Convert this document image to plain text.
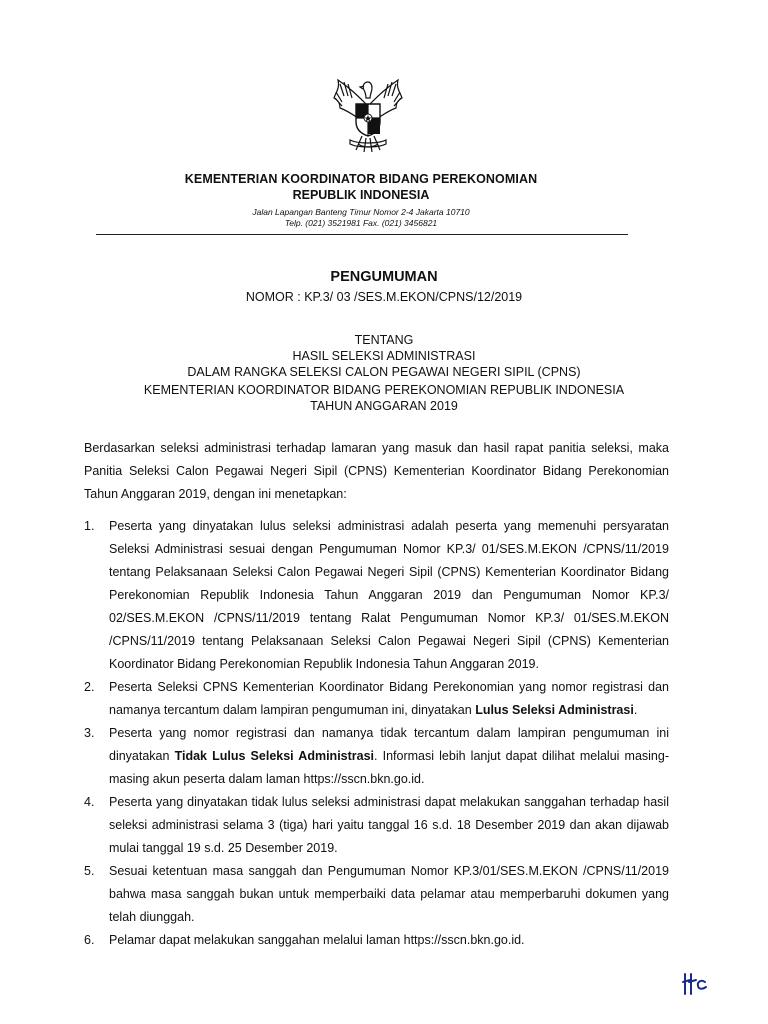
KEMENTERIAN KOORDINATOR BIDANG PEREKONOMIAN
REPUBLIK INDONESIA
Jalan Lapangan Banteng Timur Nomor 2-4 Jakarta 10710
Telp. (021) 3521981 Fax. (021) 3456821
PENGUMUMAN
NOMOR : KP.3/ 03 /SES.M.EKON/CPNS/12/2019
TENTANG
HASIL SELEKSI ADMINISTRASI
DALAM RANGKA SELEKSI CALON PEGAWAI NEGERI SIPIL (CPNS)
KEMENTERIAN KOORDINATOR BIDANG PEREKONOMIAN REPUBLIK INDONESIA
TAHUN ANGGARAN 2019
Berdasarkan seleksi administrasi terhadap lamaran yang masuk dan hasil rapat panitia seleksi, maka Panitia Seleksi Calon Pegawai Negeri Sipil (CPNS) Kementerian Koordinator Bidang Perekonomian Tahun Anggaran 2019, dengan ini menetapkan:
1.	Peserta yang dinyatakan lulus seleksi administrasi adalah peserta yang memenuhi persyaratan Seleksi Administrasi sesuai dengan Pengumuman Nomor KP.3/ 01/SES.M.EKON /CPNS/11/2019 tentang Pelaksanaan Seleksi Calon Pegawai Negeri Sipil (CPNS) Kementerian Koordinator Bidang Perekonomian Republik Indonesia Tahun Anggaran 2019 dan Pengumuman Nomor KP.3/ 02/SES.M.EKON /CPNS/11/2019 tentang Ralat Pengumuman Nomor KP.3/ 01/SES.M.EKON /CPNS/11/2019 tentang Pelaksanaan Seleksi Calon Pegawai Negeri Sipil (CPNS) Kementerian Koordinator Bidang Perekonomian Republik Indonesia Tahun Anggaran 2019.
2.	Peserta Seleksi CPNS Kementerian Koordinator Bidang Perekonomian yang nomor registrasi dan namanya tercantum dalam lampiran pengumuman ini, dinyatakan Lulus Seleksi Administrasi.
3.	Peserta yang nomor registrasi dan namanya tidak tercantum dalam lampiran pengumuman ini dinyatakan Tidak Lulus Seleksi Administrasi. Informasi lebih lanjut dapat dilihat melalui masing-masing akun peserta dalam laman https://sscn.bkn.go.id.
4.	Peserta yang dinyatakan tidak lulus seleksi administrasi dapat melakukan sanggahan terhadap hasil seleksi administrasi selama 3 (tiga) hari yaitu tanggal 16 s.d. 18 Desember 2019 dan akan dijawab mulai tanggal 19 s.d. 25 Desember 2019.
5.	Sesuai ketentuan masa sanggah dan Pengumuman Nomor KP.3/01/SES.M.EKON /CPNS/11/2019 bahwa masa sanggah bukan untuk memperbaiki data pelamar atau memperbaruhi dokumen yang telah diunggah.
6.	Pelamar dapat melakukan sanggahan melalui laman https://sscn.bkn.go.id.
